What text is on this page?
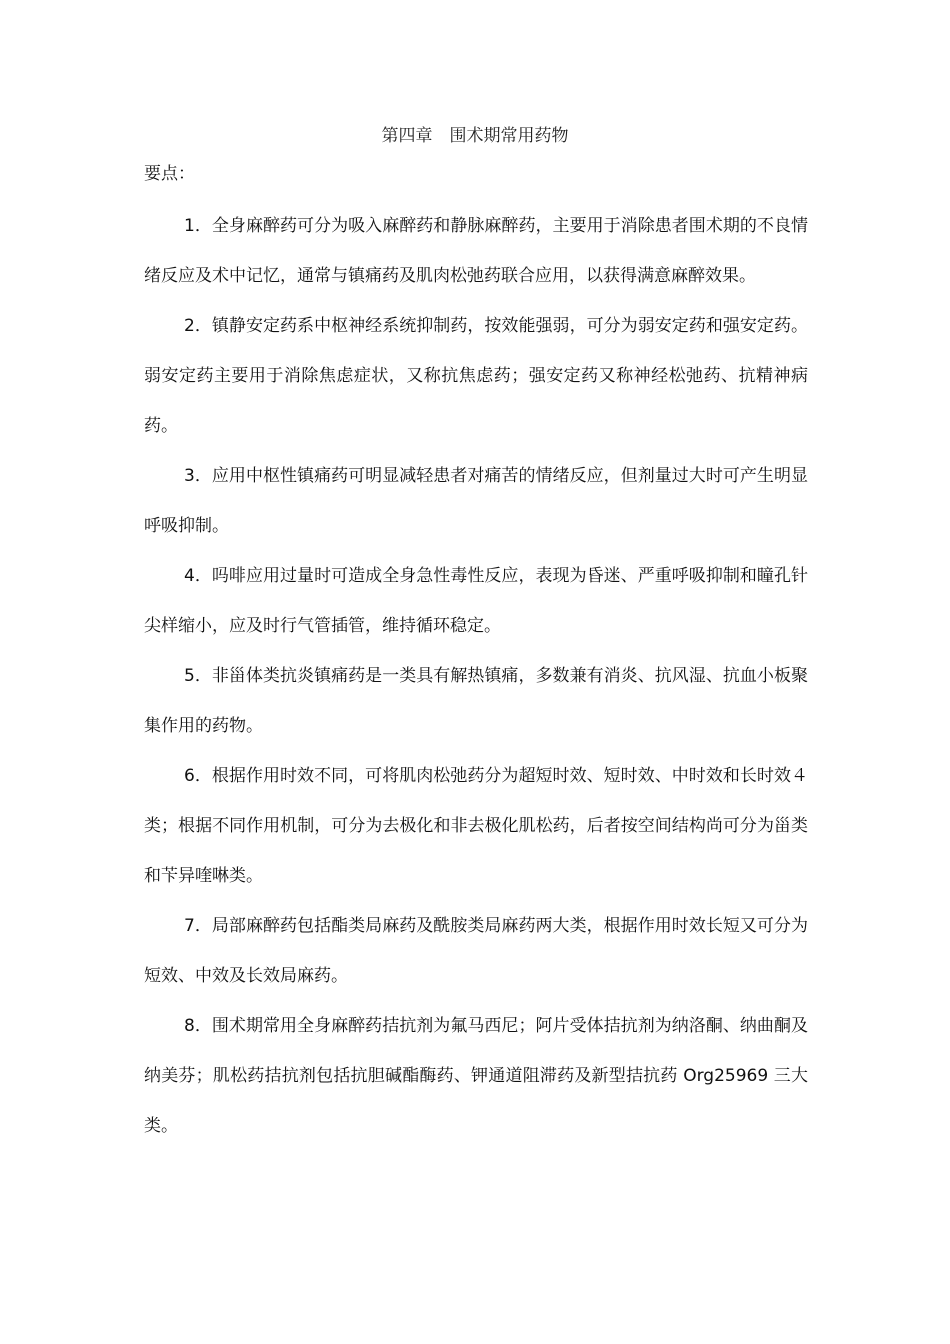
第四章　围术期常用药物
要点：

1．全身麻醉药可分为吸入麻醉药和静脉麻醉药，主要用于消除患者围术期的不良情绪反应及术中记忆，通常与镇痛药及肌肉松弛药联合应用，以获得满意麻醉效果。

2．镇静安定药系中枢神经系统抑制药，按效能强弱，可分为弱安定药和强安定药。弱安定药主要用于消除焦虑症状，又称抗焦虑药；强安定药又称神经松弛药、抗精神病药。

3．应用中枢性镇痛药可明显减轻患者对痛苦的情绪反应，但剂量过大时可产生明显呼吸抑制。

4．吗啡应用过量时可造成全身急性毒性反应，表现为昏迷、严重呼吸抑制和瞳孔针尖样缩小，应及时行气管插管，维持循环稳定。

5．非甾体类抗炎镇痛药是一类具有解热镇痛，多数兼有消炎、抗风湿、抗血小板聚集作用的药物。

6．根据作用时效不同，可将肌肉松弛药分为超短时效、短时效、中时效和长时效４类；根据不同作用机制，可分为去极化和非去极化肌松药，后者按空间结构尚可分为甾类和苄异喹啉类。

7．局部麻醉药包括酯类局麻药及酰胺类局麻药两大类，根据作用时效长短又可分为短效、中效及长效局麻药。

8．围术期常用全身麻醉药拮抗剂为氟马西尼；阿片受体拮抗剂为纳洛酮、纳曲酮及纳美芬；肌松药拮抗剂包括抗胆碱酯酶药、钾通道阻滞药及新型拮抗药 Org25969 三大类。
